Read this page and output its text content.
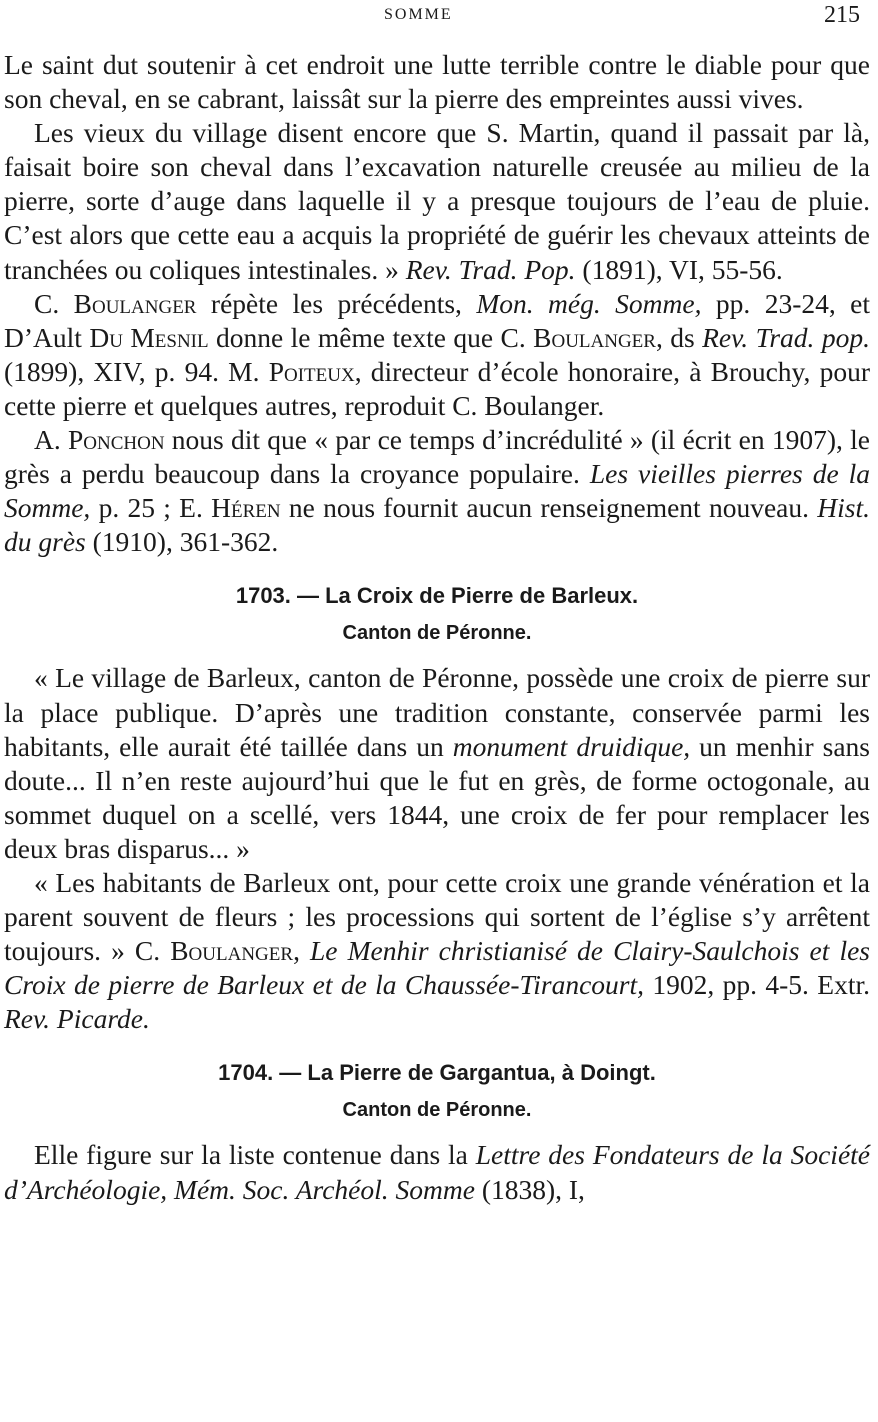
SOMME	215

Le saint dut soutenir à cet endroit une lutte terrible contre le diable pour que son cheval, en se cabrant, laissât sur la pierre des empreintes aussi vives.

Les vieux du village disent encore que S. Martin, quand il passait par là, faisait boire son cheval dans l’excavation naturelle creusée au milieu de la pierre, sorte d’auge dans laquelle il y a presque toujours de l’eau de pluie. C’est alors que cette eau a acquis la propriété de guérir les chevaux atteints de tranchées ou coliques intestinales. » Rev. Trad. Pop. (1891), VI, 55-56.

C. Boulanger répète les précédents, Mon. még. Somme, pp. 23-24, et D’Ault Du Mesnil donne le même texte que C. Boulanger, ds Rev. Trad. pop. (1899), XIV, p. 94. M. Poiteux, directeur d’école honoraire, à Brouchy, pour cette pierre et quelques autres, reproduit C. Boulanger.

A. Ponchon nous dit que « par ce temps d’incrédulité » (il écrit en 1907), le grès a perdu beaucoup dans la croyance populaire. Les vieilles pierres de la Somme, p. 25 ; E. Héren ne nous fournit aucun renseignement nouveau. Hist. du grès (1910), 361-362.

1703. — La Croix de Pierre de Barleux.
Canton de Péronne.

« Le village de Barleux, canton de Péronne, possède une croix de pierre sur la place publique. D’après une tradition constante, conservée parmi les habitants, elle aurait été taillée dans un monument druidique, un menhir sans doute... Il n’en reste aujourd’hui que le fut en grès, de forme octogonale, au sommet duquel on a scellé, vers 1844, une croix de fer pour remplacer les deux bras disparus... »

« Les habitants de Barleux ont, pour cette croix une grande vénération et la parent souvent de fleurs ; les processions qui sortent de l’église s’y arrêtent toujours. » C. Boulanger, Le Menhir christianisé de Clairy-Saulchois et les Croix de pierre de Barleux et de la Chaussée-Tirancourt, 1902, pp. 4-5. Extr. Rev. Picarde.

1704. — La Pierre de Gargantua, à Doingt.
Canton de Péronne.

Elle figure sur la liste contenue dans la Lettre des Fondateurs de la Société d’Archéologie, Mém. Soc. Archéol. Somme (1838), I,
